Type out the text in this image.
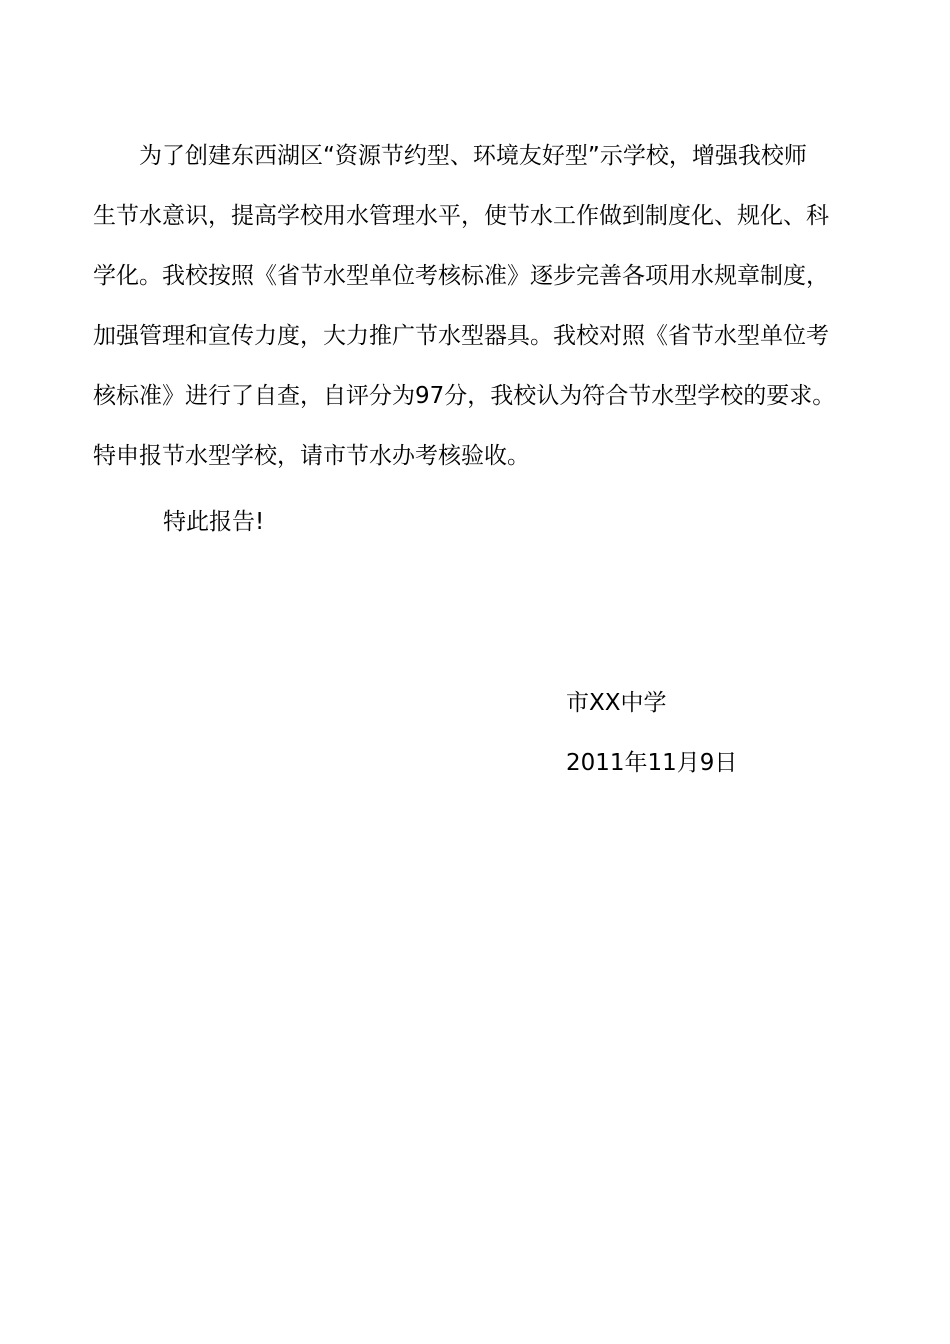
为了创建东西湖区“资源节约型、环境友好型”示学校，增强我校师
生节水意识，提高学校用水管理水平，使节水工作做到制度化、规化、科
学化。我校按照《省节水型单位考核标准》逐步完善各项用水规章制度，
加强管理和宣传力度，大力推广节水型器具。我校对照《省节水型单位考
核标准》进行了自查，自评分为97分，我校认为符合节水型学校的要求。
特申报节水型学校，请市节水办考核验收。
特此报告!
市XX中学
2011年11月9日
